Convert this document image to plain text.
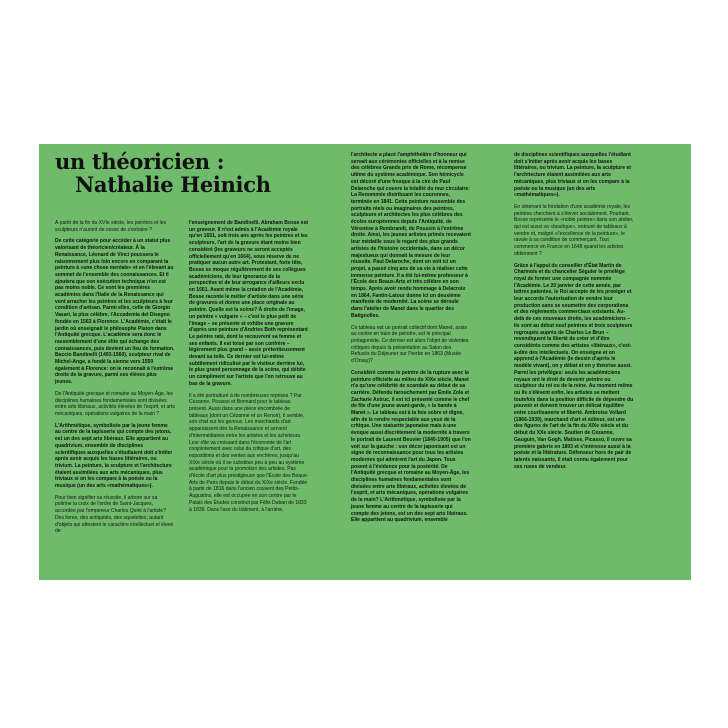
un théoricien :
Nathalie Heinich

À partir de la fin du XVIe siècle, les peintres et les sculpteurs n'auront de cesse de s'extraire ?

De cette catégorie pour accéder à un statut plus valorisant de théoricien/créateur. À la Renaissance, Léonard de Vinci poussera le raisonnement plus loin encore en comparant la peinture à «une chose mentale» et en l'élevant au sommet de l'ensemble des connaissances. Et il ajoutera que son exécution technique n'en est pas moins noble. Ce sont les premières académies dans l'Italie de la Renaissance qui vont arracher les peintres et les sculpteurs à leur condition d'artisan. Parmi elles, celle de Giorgio Vasari, la plus célèbre, l'Accademia del Disegno fondée en 1563 à Florence. L'Académie, c'était le jardin où enseignait le philosophe Platon dans l'Antiquité grecque. L'académie sera donc le rassemblement d'une élite qui échange des connaissances, puis devient un lieu de formation. Baccio Bandinelli (1493-1560), sculpteur rival de Michel-Ange, a fondé la sienne vers 1550 également à Florence: on le reconnaît à l'extrême droite de la gravure, parmi ses élèves plus jeunes.

De l'Antiquité grecque et romaine au Moyen-Âge, les disciplines humaines fondamentales sont divisées entre arts libéraux, activités élevées de l'esprit, et arts mécaniques, opérations vulgaires de la main ?

L'Arithmétique, symbolisée par la jeune femme au centre de la tapisserie qui compte des jetons, est un des sept arts libéraux. Elle appartient au quadrivium, ensemble de disciplines scientifiques auxquelles s'étudiaient doit s'initier après avoir acquis les bases littéraires, ou trivium. La peinture, la sculpture et l'architecture étaient assimilées aux arts mécaniques, plus triviaux si on les compare à la poésie ou la musique (un des arts «mathématiques»).

Pour bien signifier sa réussite, il arbore sur sa poitrine la croix de l'ordre de Saint-Jacques, accordée par l'empereur Charles Quint à l'artiste? Des livres, des antiquités, des squelettes, autant d'objets qui attestent le caractère intellectuel et élevé de

l'enseignement de Bandinelli. Abraham Bosse est un graveur. Il n'est admis à l'Académie royale qu'en 1651, soit trois ans après les peintres et les sculpteurs, l'art de la gravure étant moins bien considéré (les graveurs ne seront acceptés officiellement qu'en 1664), sous réserve de ne pratiquer aucun autre art. Protestant, forte tête, Bosse se moque régulièrement de ses collègues académiciens, de leur ignorance de la perspective et de leur arrogance d'ailleurs exclu en 1661. Avant même la création de l'Académie, Bosse raconte le métier d'artiste dans une série de gravures et donne une place originale au peintre. Quelle est la scène? À droite de l'image, un peintre « vulgaire » – c'est le plus petit de l'image – se présente et exhibe une gravure d'après une peinture d'Andries Both représentant Le peintre raté, dont le recouvrent sa femme et ses enfants. Il est toisé par son confrère – légèrement plus grand – assis prétentieusement devant sa toile. Ce dernier est lui-même subtilement ridiculisé par le visiteur derrière lui, le plus grand personnage de la scène, qui débite un compliment sur l'artiste que l'on retrouve au bas de la gravure.

Il a été portraituré à de nombreuses reprises ? Par Cézanne, Picasso et Bonnard pour le tableau présent. Aussi dans une pièce encombrée de tableaux (dont un Cézanne et un Renoir), il semble, son chat sur les genoux. Les marchands d'art apparaissent dès la Renaissance et servent d'intermédiaires entre les artistes et les acheteurs. Leur rôle va croissant dans l'économie de l'art conjointement avec celui du critique d'art, des expositions et des ventes aux enchères, jusqu'au XIXe siècle où il se substitue peu à peu au système académique pour la promotion des artistes. Pas d'école d'art plus prestigieuse que l'École des Beaux-Arts de Paris depuis le début du XIXe siècle. Fondée à partir de 1816 dans l'ancien couvent des Petits-Augustins, elle est occupée en son centre par le Palais des Études construit par Félix Duban de 1833 à 1839. Dans l'axe du bâtiment, à l'arrière,

l'architecte a placé l'amphithéâtre d'honneur qui servait aux cérémonies officielles et à la remise des célèbres Grands prix de Rome, récompense ultime du système académique. Son hémicycle est décoré d'une fresque à la cire de Paul Delaroche qui couvre la totalité du mur circulaire: La Renommée distribuant les couronnes, terminée en 1841. Cette peinture rassemble des portraits réels ou imaginaires des peintres, sculpteurs et architectes les plus célèbres des écoles européennes depuis l'Antiquité, de Véronèse à Rembrandt, de Poussin à l'extrême droite. Ainsi, les jeunes artistes primés recevaient leur médaille sous le regard des plus grands artistes de l'histoire occidentale, dans un décor majestueux qui donnait la mesure de leur réussite. Paul Delaroche, dont on voit ici un projet, a passé cinq ans de sa vie à réaliser cette immense peinture. Il a été lui-même professeur à l'École des Beaux-Arts et très célèbre en son temps. Après avoir rendu hommage à Delacroix en 1864, Fantin-Latour donne ici un deuxième manifeste de modernité. La scène se déroule dans l'atelier de Manet dans le quartier des Batignolles.

Ce tableau est un portrait collectif dont Manet, assis au centre en train de peindre, est le principal protagoniste. Ce dernier est alors l'objet de violentes critiques depuis la présentation au Salon des Refusés du Déjeuner sur l'herbe en 1863 (Musée d'Orsay)?

Considéré comme le peintre de la rupture avec la peinture officielle au milieu du XIXe siècle, Manet n'a qu'une célébrité de scandale au début de sa carrière. Défendu farouchement par Émile Zola et Zacharie Astruc, il est ici présenté comme le chef de file d'une jeune avant-garde, « la bande à Manet ». Le tableau est à la fois sobre et digne, afin de le rendre respectable aux yeux de la critique. Une statuette japonaise mais à une évoque aussi discrètement la modernité à travers le portrait de Laurent Beuvier (1840-1905) que l'on voit sur la gauche : son décor japonisant est un signe de reconnaissance pour tous les artistes modernes qui admirent l'art du Japon. Tous posent à l'évidence pour la postérité. De l'Antiquité grecque et romaine au Moyen-Âge, les disciplines humaines fondamentales sont divisées entre arts libéraux, activités élevées de l'esprit, et arts mécaniques, opérations vulgaires de la main? L'Arithmétique, symbolisée par la jeune femme au centre de la tapisserie qui compte des jetons, est un des sept arts libéraux. Elle appartient au quadrivium, ensemble

de disciplines scientifiques auxquelles l'étudiant doit s'initier après avoir acquis les bases littéraires, ou trivium. La peinture, la sculpture et l'architecture étaient assimilées aux arts mécaniques, plus triviaux si on les compare à la poésie ou la musique (un des arts «mathématiques»).

En obtenant la fondation d'une académie royale, les peintres cherchent à s'élever socialement. Pourtant, Bosse représente le «noble peintre» dans son atelier, qui est aussi sa «boutique», entouré de tableaux à vendre et, malgré «l'excellence de la peinture», le ravale à sa condition de commerçant. Tout commence en France en 1648 quand les artistes obtiennent ?

Grâce à l'appui du conseiller d'État Martin de Charmois et du chancelier Séguier le privilège royal de former une compagnie nommée l'Académie. Le 20 janvier de cette année, par lettres patentes, le Roi accepte de les protéger et leur accorde l'autorisation de vendre leur production sans se soumettre des corporations et des règlements commerciaux existants. Au-delà de ces nouveaux droits, les académiciens – ils sont au début neuf peintres et trois sculpteurs regroupés auprès de Charles Le Brun – revendiquent la liberté de créer et d'être considérés comme des artistes «libéraux», c'est-à-dire des intellectuels. On enseigne et on apprend à l'Académie (le dessin d'après le modèle vivant), on y débat et on y théorise aussi. Parmi les privilèges: seuls les académiciens royaux ont le droit de devenir peintre ou sculpteur du roi ou de la reine. Au moment même où ils s'élèvent enfin, les artistes se mettent toutefois dans la position difficile de dépendre du pouvoir et doivent trouver un délicat équilibre entre courtisanerie et liberté. Ambroise Vollard (1866-1939), marchand d'art et éditeur, est une des figures de l'art de la fin du XIXe siècle et du début du XXe siècle. Soutien de Cézanne, Gauguin, Van Gogh, Matisse, Picasso, il ouvre sa première galerie en 1893 et s'intéresse aussi à la poésie et la littérature. Défenseur hors de pair de talents naissants, il était connu également pour ses ruses de vendeur.
